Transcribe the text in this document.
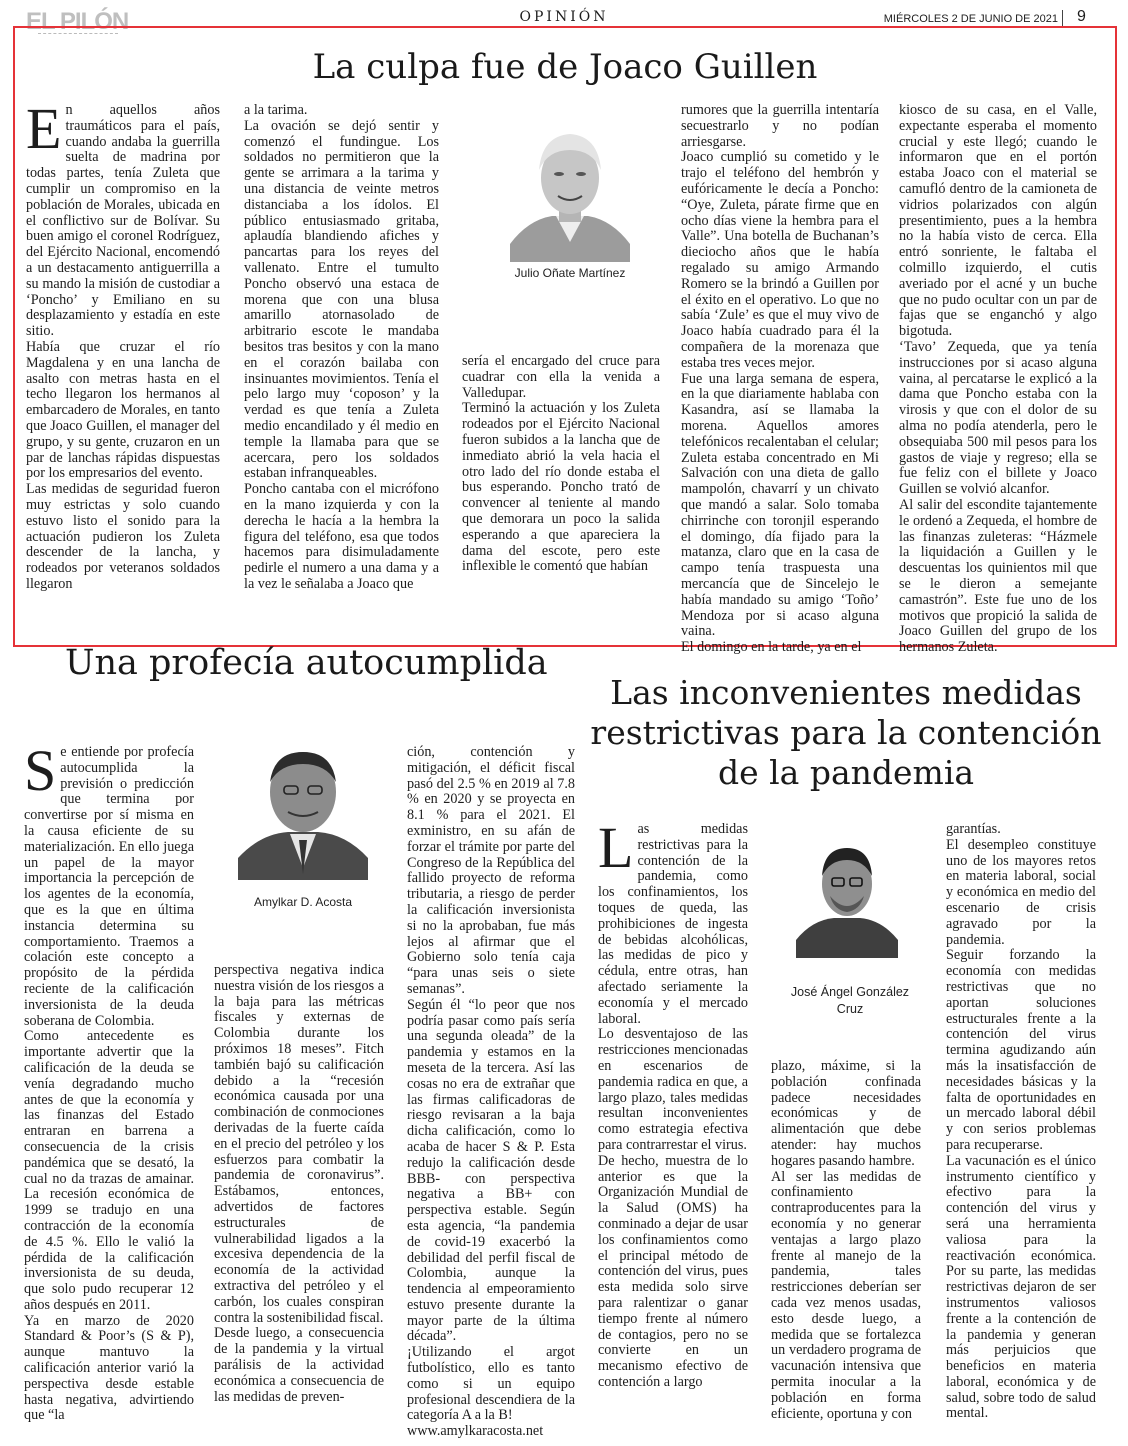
EL PILÓN	OPINIÓN	MIÉRCOLES 2 DE JUNIO DE 2021 9
La culpa fue de Joaco Guillen
E n aquellos años traumáticos para el país, cuando andaba la guerrilla suelta de madrina por todas partes, tenía Zuleta que cumplir un compromiso en la población de Morales, ubicada en el conflictivo sur de Bolívar. Su buen amigo el coronel Rodríguez, del Ejército Nacional, encomendó a un destacamento antiguerrilla a su mando la misión de custodiar a ‘Poncho’ y Emiliano en su desplazamiento y estadía en este sitio.

Había que cruzar el río Magdalena y en una lancha de asalto con metras hasta en el techo llegaron los hermanos al embarcadero de Morales, en tanto que Joaco Guillen, el manager del grupo, y su gente, cruzaron en un par de lanchas rápidas dispuestas por los empresarios del evento.

Las medidas de seguridad fueron muy estrictas y solo cuando estuvo listo el sonido para la actuación pudieron los Zuleta descender de la lancha, y rodeados por veteranos soldados llegaron

a la tarima.

La ovación se dejó sentir y comenzó el fundingue. Los soldados no permitieron que la gente se arrimara a la tarima y una distancia de veinte metros distanciaba a los ídolos. El público entusiasmado gritaba, aplaudía blandiendo afiches y pancartas para los reyes del vallenato. Entre el tumulto Poncho observó una estaca de morena que con una blusa amarillo atornasolado de arbitrario escote le mandaba besitos tras besitos y con la mano en el corazón bailaba con insinuantes movimientos. Tenía el pelo largo muy ‘coposon’ y la verdad es que tenía a Zuleta medio encandilado y él medio en temple la llamaba para que se acercara, pero los soldados estaban infranqueables.

Poncho cantaba con el micrófono en la mano izquierda y con la derecha le hacía a la hembra la figura del teléfono, esa que todos hacemos para disimuladamente pedirle el numero a una dama y a la vez le señalaba a Joaco que

Julio Oñate Martínez

sería el encargado del cruce para cuadrar con ella la venida a Valledupar.

Terminó la actuación y los Zuleta rodeados por el Ejército Nacional fueron subidos a la lancha que de inmediato abrió la vela hacia el otro lado del río donde estaba el bus esperando. Poncho trató de convencer al teniente al mando que demorara un poco la salida esperando a que apareciera la dama del escote, pero este inflexible le comentó que habían

rumores que la guerrilla intentaría secuestrarlo y no podían arriesgarse.

Joaco cumplió su cometido y le trajo el teléfono del hembrón y eufóricamente le decía a Poncho: “Oye, Zuleta, párate firme que en ocho días viene la hembra para el Valle”. Una botella de Buchanan’s dieciocho años que le había regalado su amigo Armando Romero se la brindó a Guillen por el éxito en el operativo. Lo que no sabía ‘Zule’ es que el muy vivo de Joaco había cuadrado para él la compañera de la morenaza que estaba tres veces mejor.

Fue una larga semana de espera, en la que diariamente hablaba con Kasandra, así se llamaba la morena. Aquellos amores telefónicos recalentaban el celular; Zuleta estaba concentrado en Mi Salvación con una dieta de gallo mampolón, chavarrí y un chivato que mandó a salar. Solo tomaba chirrinche con toronjil esperando el domingo, día fijado para la matanza, claro que en la casa de campo tenía traspuesta una mercancía que de Sincelejo le había mandado su amigo ‘Toño’ Mendoza por si acaso alguna vaina.

El domingo en la tarde, ya en el

kiosco de su casa, en el Valle, expectante esperaba el momento crucial y este llegó; cuando le informaron que en el portón estaba Joaco con el material se camufló dentro de la camioneta de vidrios polarizados con algún presentimiento, pues a la hembra no la había visto de cerca. Ella entró sonriente, le faltaba el colmillo izquierdo, el cutis averiado por el acné y un buche que no pudo ocultar con un par de fajas que se enganchó y algo bigotuda.

‘Tavo’ Zequeda, que ya tenía instrucciones por si acaso alguna vaina, al percatarse le explicó a la dama que Poncho estaba con la virosis y que con el dolor de su alma no podía atenderla, pero le obsequiaba 500 mil pesos para los gastos de viaje y regreso; ella se fue feliz con el billete y Joaco Guillen se volvió alcanfor.

Al salir del escondite tajantemente le ordenó a Zequeda, el hombre de las finanzas zuleteras: “Házmele la liquidación a Guillen y le descuentas los quinientos mil que se le dieron a semejante camastrón”. Este fue uno de los motivos que propició la salida de Joaco Guillen del grupo de los hermanos Zuleta.

Una profecía autocumplida
S e entiende por profecía autocumplida la previsión o predicción que termina por convertirse por sí misma en la causa eficiente de su materialización. En ello juega un papel de la mayor importancia la percepción de los agentes de la economía, que es la que en última instancia determina su comportamiento. Traemos a colación este concepto a propósito de la pérdida reciente de la calificación inversionista de la deuda soberana de Colombia.

Como antecedente es importante advertir que la calificación de la deuda se venía degradando mucho antes de que la economía y las finanzas del Estado entraran en barrena a consecuencia de la crisis pandémica que se desató, la cual no da trazas de amainar. La recesión económica de 1999 se tradujo en una contracción de la economía de 4.5 %. Ello le valió la pérdida de la calificación inversionista de su deuda, que solo pudo recuperar 12 años después en 2011.

Ya en marzo de 2020 Standard & Poor’s (S & P), aunque mantuvo la calificación anterior varió la perspectiva desde estable hasta negativa, advirtiendo que “la

Amylkar D. Acosta

perspectiva negativa indica nuestra visión de los riesgos a la baja para las métricas fiscales y externas de Colombia durante los próximos 18 meses”. Fitch también bajó su calificación debido a la “recesión económica causada por una combinación de conmociones derivadas de la fuerte caída en el precio del petróleo y los esfuerzos para combatir la pandemia de coronavirus”. Estábamos, entonces, advertidos de factores estructurales de vulnerabilidad ligados a la excesiva dependencia de la economía de la actividad extractiva del petróleo y el carbón, los cuales conspiran contra la sostenibilidad fiscal.

Desde luego, a consecuencia de la pandemia y la virtual parálisis de la actividad económica a consecuencia de las medidas de preven-

ción, contención y mitigación, el déficit fiscal pasó del 2.5 % en 2019 al 7.8 % en 2020 y se proyecta en 8.1 % para el 2021. El exministro, en su afán de forzar el trámite por parte del Congreso de la República del fallido proyecto de reforma tributaria, a riesgo de perder la calificación inversionista si no la aprobaban, fue más lejos al afirmar que el Gobierno solo tenía caja “para unas seis o siete semanas”.

Según él “lo peor que nos podría pasar como país sería una segunda oleada” de la pandemia y estamos en la meseta de la tercera. Así las cosas no era de extrañar que las firmas calificadoras de riesgo revisaran a la baja dicha calificación, como lo acaba de hacer S & P. Esta redujo la calificación desde BBB- con perspectiva negativa a BB+ con perspectiva estable. Según esta agencia, “la pandemia de covid-19 exacerbó la debilidad del perfil fiscal de Colombia, aunque la tendencia al empeoramiento estuvo presente durante la mayor parte de la última década”.

¡Utilizando el argot futbolístico, ello es tanto como si un equipo profesional descendiera de la categoría A a la B!

www.amylkaracosta.net

Las inconvenientes medidas
restrictivas para la contención
de la pandemia
L as medidas restrictivas para la contención de la pandemia, como los confinamientos, los toques de queda, las prohibiciones de ingesta de bebidas alcohólicas, las medidas de pico y cédula, entre otras, han afectado seriamente la economía y el mercado laboral.

Lo desventajoso de las restricciones mencionadas en escenarios de pandemia radica en que, a largo plazo, tales medidas resultan inconvenientes como estrategia efectiva para contrarrestar el virus.

De hecho, muestra de lo anterior es que la Organización Mundial de la Salud (OMS) ha conminado a dejar de usar los confinamientos como el principal método de contención del virus, pues esta medida solo sirve para ralentizar o ganar tiempo frente al número de contagios, pero no se convierte en un mecanismo efectivo de contención a largo

José Ángel González
Cruz

plazo, máxime, si la población confinada padece necesidades económicas y de alimentación que debe atender: hay muchos hogares pasando hambre.

Al ser las medidas de confinamiento contraproducentes para la economía y no generar ventajas a largo plazo frente al manejo de la pandemia, tales restricciones deberían ser cada vez menos usadas, esto desde luego, a medida que se fortalezca un verdadero programa de vacunación intensiva que permita inocular a la población en forma eficiente, oportuna y con

garantías.

El desempleo constituye uno de los mayores retos en materia laboral, social y económica en medio del escenario de crisis agravado por la pandemia.

Seguir forzando la economía con medidas restrictivas que no aportan soluciones estructurales frente a la contención del virus termina agudizando aún más la insatisfacción de necesidades básicas y la falta de oportunidades en un mercado laboral débil y con serios problemas para recuperarse.

La vacunación es el único instrumento científico y efectivo para la contención del virus y será una herramienta valiosa para la reactivación económica. Por su parte, las medidas restrictivas dejaron de ser instrumentos valiosos frente a la contención de la pandemia y generan más perjuicios que beneficios en materia laboral, económica y de salud, sobre todo de salud mental.
